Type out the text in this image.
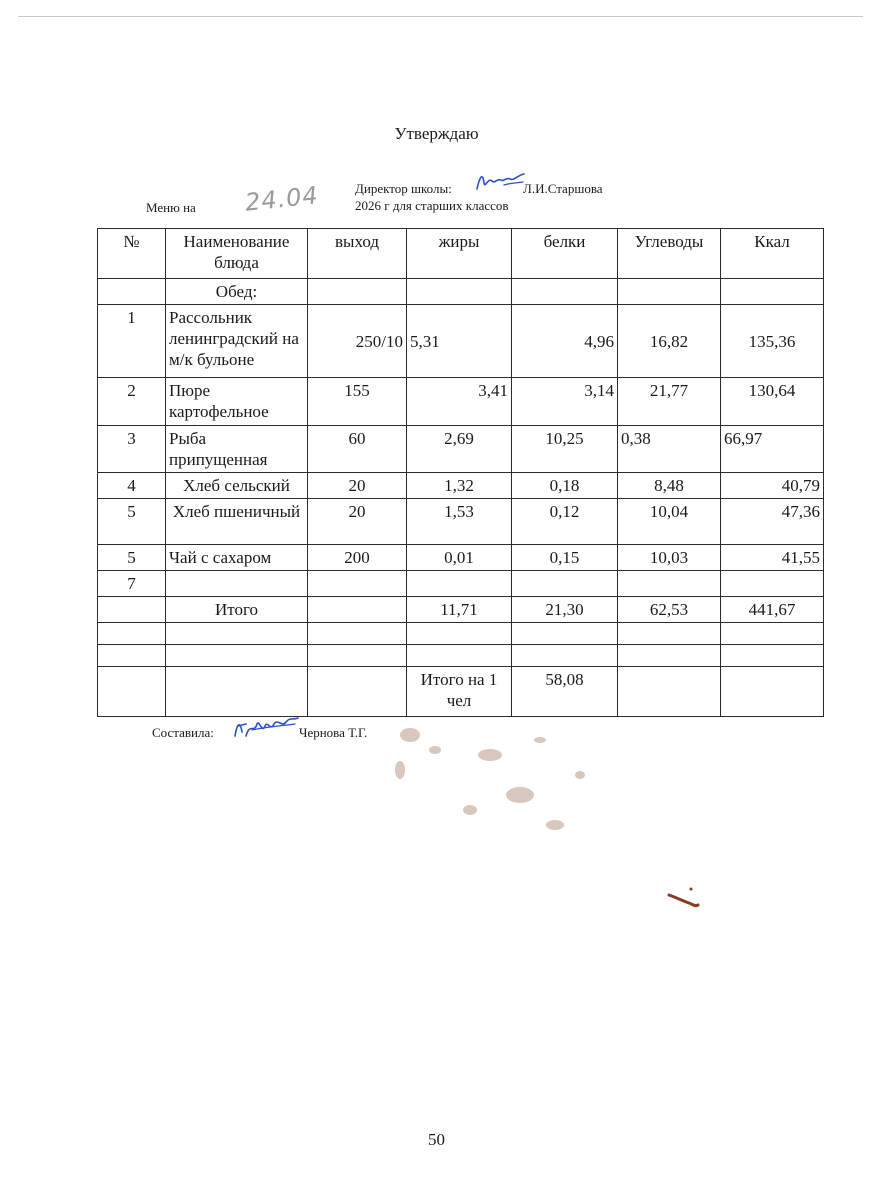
Утверждаю
Меню на 24.04	Директор школы:	Л.И.Старшова
2026 г для старших классов
№	Наименование блюда	выход	жиры	белки	Углеводы	Ккал
	Обед:					
1	Рассольник ленинградский на м/к бульоне	250/10	5,31	4,96	16,82	135,36
2	Пюре картофельное	155	3,41	3,14	21,77	130,64
3	Рыба припущенная	60	2,69	10,25	0,38	66,97
4	Хлеб сельский	20	1,32	0,18	8,48	40,79
5	Хлеб пшеничный	20	1,53	0,12	10,04	47,36
5	Чай с сахаром	200	0,01	0,15	10,03	41,55
7						
	Итого		11,71	21,30	62,53	441,67

			Итого на 1 чел	58,08		
Составила:	Чернова Т.Г.
50
